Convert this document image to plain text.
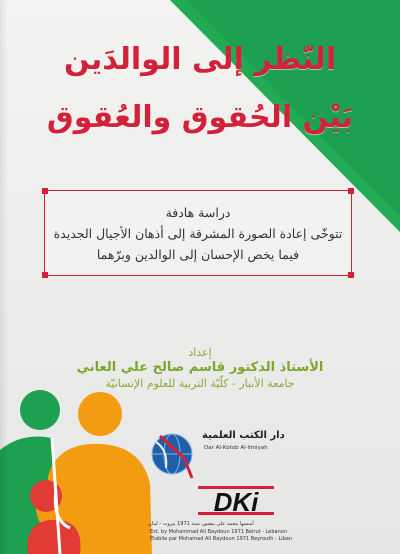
النّظر إلى الوالدَين
بَيْن الحُقوق والعُقوق

دراسة هادفة

تتوخّى إعادة الصورة المشرقة إلى أذهان الأجيال الجديدة

فيما يخص الإحسان إلى الوالدين وبرّهما

إعداد

الأستاذ الدكتور قاسم صالح علي العاني

جامعة الأنبار - كلّيّة التربية للعلوم الإنسانيّة

دار الكتب العلمية

Dar Al-Kotob Al-ilmiyah

DKi

أسسها محمد علي بيضون سنة 1971 بيروت - لبنان

Est. by Mohammad Ali Baydoun 1971 Beirut - Lebanon

Établie par Mohamad Ali Baydoun 1971 Beyrouth - Liban
